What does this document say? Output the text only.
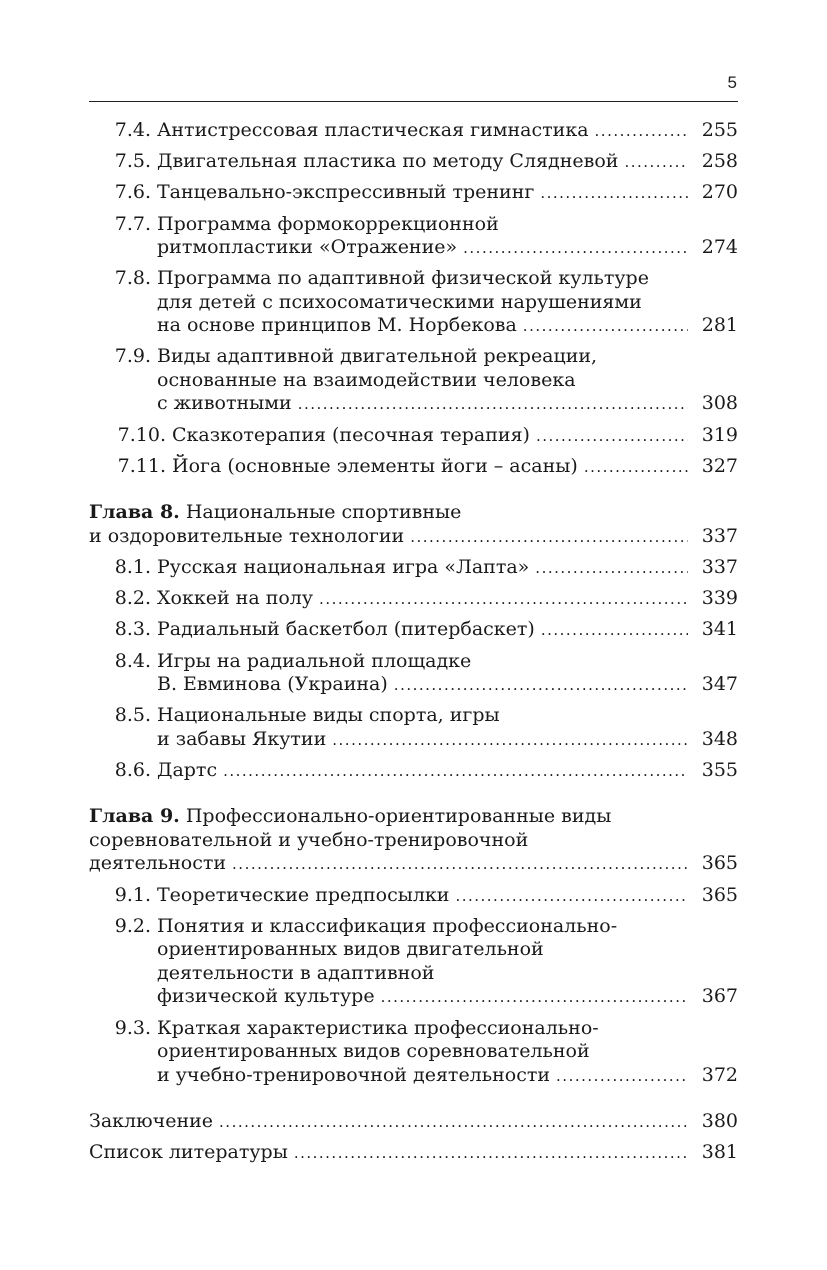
5
7.4. Антистрессовая пластическая гимнастика .....	255
7.5. Двигательная пластика по методу Слядневой .....	258
7.6. Танцевально-экспрессивный тренинг .....	270
7.7. Программа формокоррекционной
ритмопластики «Отражение» .....	274
7.8. Программа по адаптивной физической культуре
для детей с психосоматическими нарушениями
на основе принципов М. Норбекова .....	281
7.9. Виды адаптивной двигательной рекреации,
основанные на взаимодействии человека
с животными .....	308
7.10. Сказкотерапия (песочная терапия) .....	319
7.11. Йога (основные элементы йоги – асаны) .....	327
Глава 8. Национальные спортивные
и оздоровительные технологии .....	337
8.1. Русская национальная игра «Лапта» .....	337
8.2. Хоккей на полу .....	339
8.3. Радиальный баскетбол (питербаскет) .....	341
8.4. Игры на радиальной площадке
В. Евминова (Украина) .....	347
8.5. Национальные виды спорта, игры
и забавы Якутии .....	348
8.6. Дартс .....	355
Глава 9. Профессионально-ориентированные виды
соревновательной и учебно-тренировочной
деятельности .....	365
9.1. Теоретические предпосылки .....	365
9.2. Понятия и классификация профессионально-
ориентированных видов двигательной
деятельности в адаптивной
физической культуре .....	367
9.3. Краткая характеристика профессионально-
ориентированных видов соревновательной
и учебно-тренировочной деятельности .....	372
Заключение .....	380
Список литературы .....	381
